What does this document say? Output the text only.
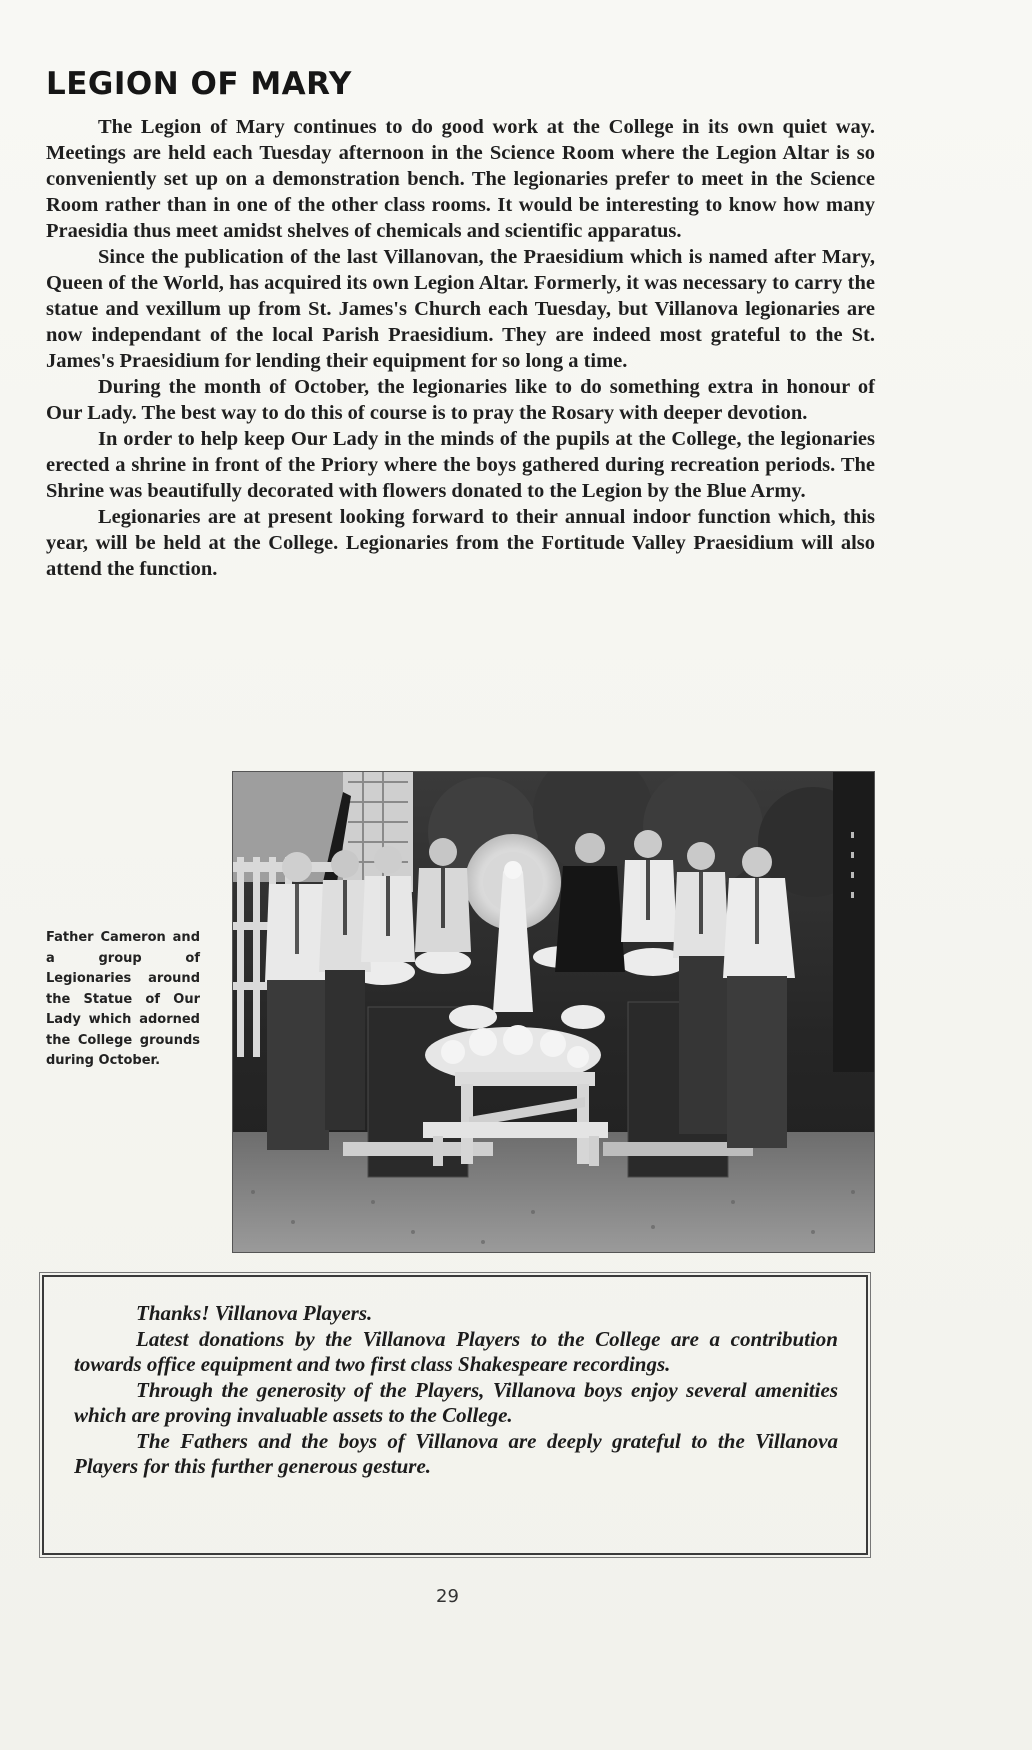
LEGION OF MARY

The Legion of Mary continues to do good work at the College in its own quiet way. Meetings are held each Tuesday afternoon in the Science Room where the Legion Altar is so conveniently set up on a demonstration bench. The legionaries prefer to meet in the Science Room rather than in one of the other class rooms. It would be interesting to know how many Praesidia thus meet amidst shelves of chemicals and scientific apparatus.

Since the publication of the last Villanovan, the Praesidium which is named after Mary, Queen of the World, has acquired its own Legion Altar. Formerly, it was necessary to carry the statue and vexillum up from St. James's Church each Tuesday, but Villanova legionaries are now independant of the local Parish Praesidium. They are indeed most grateful to the St. James's Praesidium for lending their equipment for so long a time.

During the month of October, the legionaries like to do something extra in honour of Our Lady. The best way to do this of course is to pray the Rosary with deeper devotion.

In order to help keep Our Lady in the minds of the pupils at the College, the legionaries erected a shrine in front of the Priory where the boys gathered during recreation periods. The Shrine was beautifully decorated with flowers donated to the Legion by the Blue Army.

Legionaries are at present looking forward to their annual indoor function which, this year, will be held at the College. Legionaries from the Fortitude Valley Praesidium will also attend the function.

Father Cameron and a group of Legionaries around the Statue of Our Lady which adorned the College grounds during October.

Thanks! Villanova Players.

Latest donations by the Villanova Players to the College are a contribution towards office equipment and two first class Shakespeare recordings.

Through the generosity of the Players, Villanova boys enjoy several amenities which are proving invaluable assets to the College.

The Fathers and the boys of Villanova are deeply grateful to the Villanova Players for this further generous gesture.

29
